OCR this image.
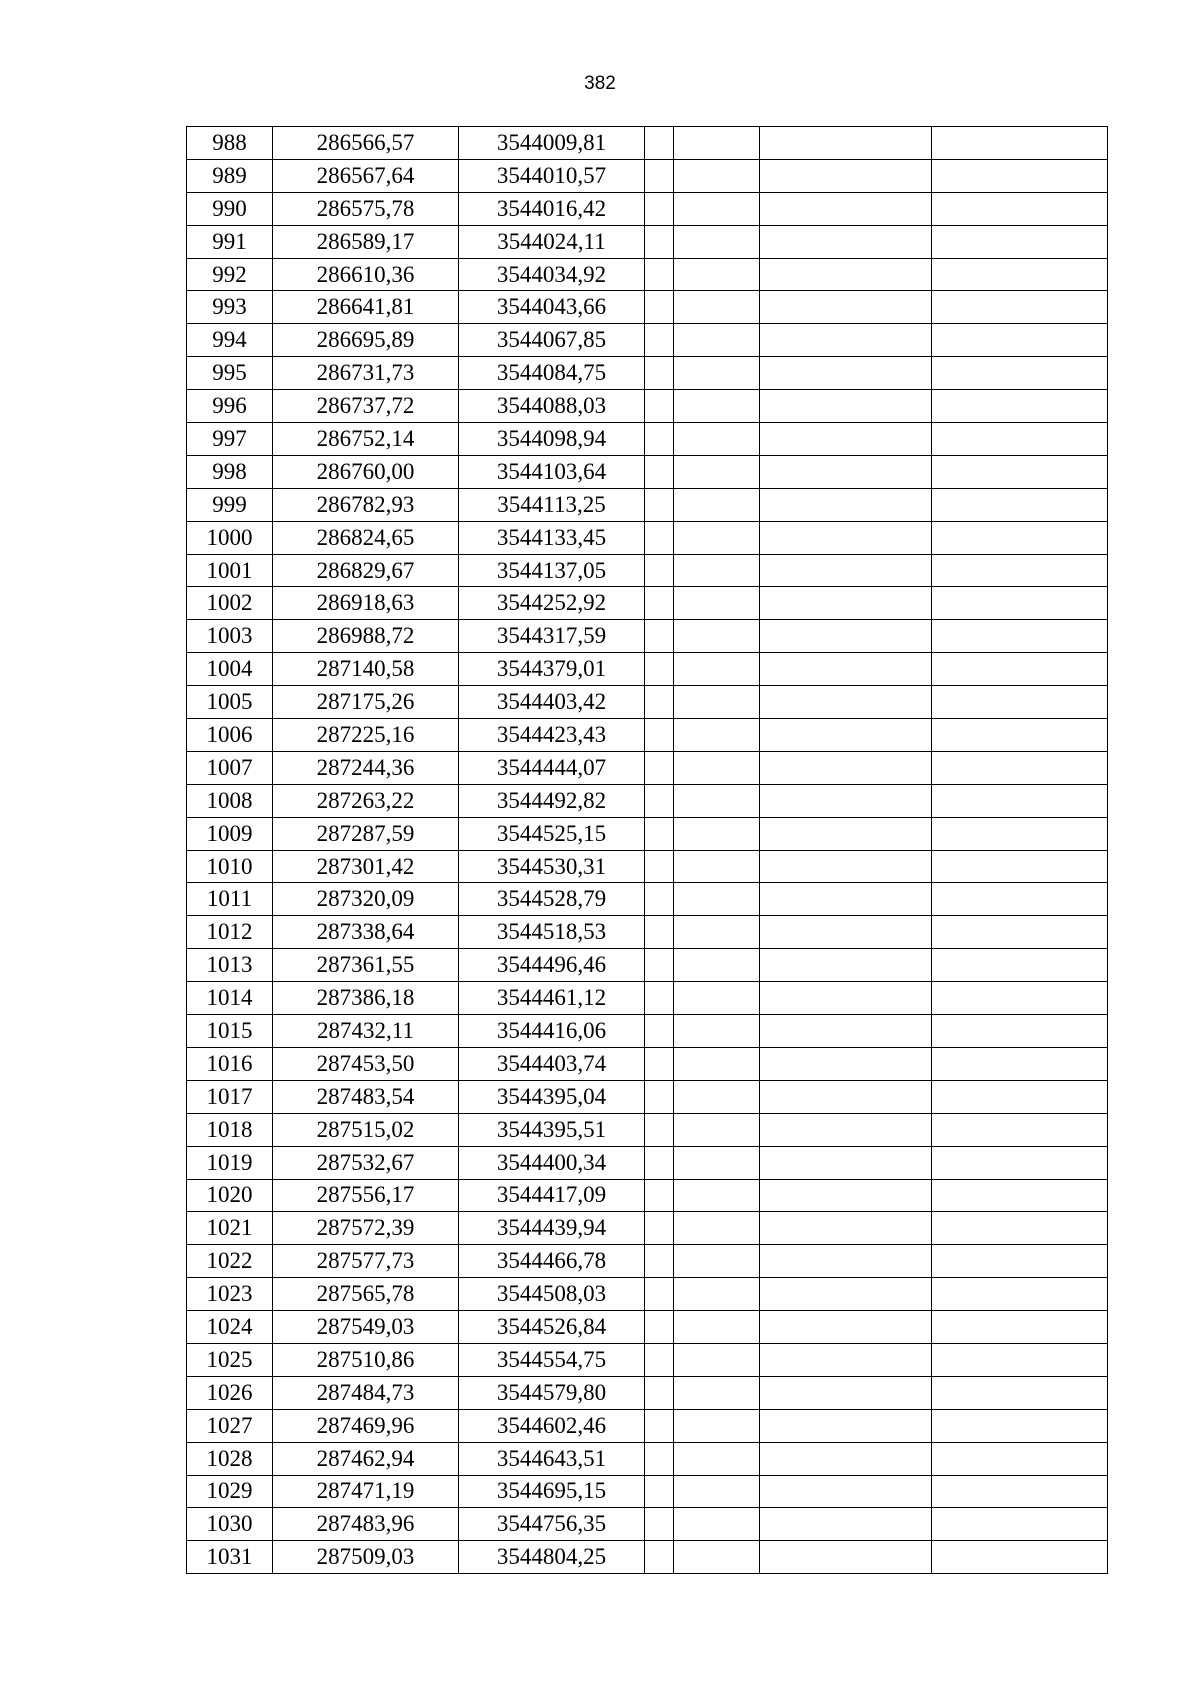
382
988	286566,57	3544009,81				
989	286567,64	3544010,57				
990	286575,78	3544016,42				
991	286589,17	3544024,11				
992	286610,36	3544034,92				
993	286641,81	3544043,66				
994	286695,89	3544067,85				
995	286731,73	3544084,75				
996	286737,72	3544088,03				
997	286752,14	3544098,94				
998	286760,00	3544103,64				
999	286782,93	3544113,25				
1000	286824,65	3544133,45				
1001	286829,67	3544137,05				
1002	286918,63	3544252,92				
1003	286988,72	3544317,59				
1004	287140,58	3544379,01				
1005	287175,26	3544403,42				
1006	287225,16	3544423,43				
1007	287244,36	3544444,07				
1008	287263,22	3544492,82				
1009	287287,59	3544525,15				
1010	287301,42	3544530,31				
1011	287320,09	3544528,79				
1012	287338,64	3544518,53				
1013	287361,55	3544496,46				
1014	287386,18	3544461,12				
1015	287432,11	3544416,06				
1016	287453,50	3544403,74				
1017	287483,54	3544395,04				
1018	287515,02	3544395,51				
1019	287532,67	3544400,34				
1020	287556,17	3544417,09				
1021	287572,39	3544439,94				
1022	287577,73	3544466,78				
1023	287565,78	3544508,03				
1024	287549,03	3544526,84				
1025	287510,86	3544554,75				
1026	287484,73	3544579,80				
1027	287469,96	3544602,46				
1028	287462,94	3544643,51				
1029	287471,19	3544695,15				
1030	287483,96	3544756,35				
1031	287509,03	3544804,25				
